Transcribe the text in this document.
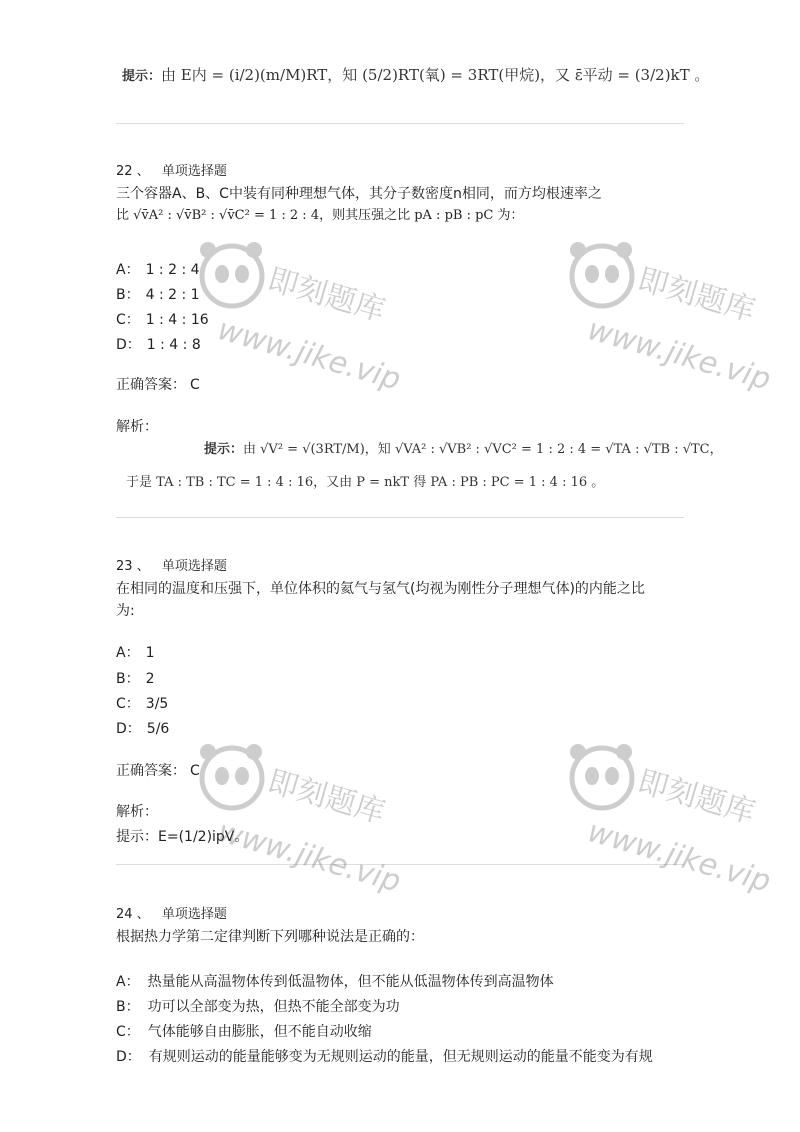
提示：由 E内 = (i/2)(m/M)RT，知 (5/2)RT(氧) = 3RT(甲烷)，又 ε̄平动 = (3/2)kT 。
22 、 单项选择题
三个容器A、B、C中装有同种理想气体，其分子数密度n相同，而方均根速率之
比 √v̄A² : √v̄B² : √v̄C² = 1 : 2 : 4，则其压强之比 pA : pB : pC 为：
A： 1 : 2 : 4
B： 4 : 2 : 1
C： 1 : 4 : 16
D： 1 : 4 : 8
正确答案： C
解析：
提示：由 √V² = √(3RT/M)，知 √VA² : √VB² : √VC² = 1 : 2 : 4 = √TA : √TB : √TC，
于是 TA : TB : TC = 1 : 4 : 16，又由 P = nkT 得 PA : PB : PC = 1 : 4 : 16 。
23 、 单项选择题
在相同的温度和压强下，单位体积的氦气与氢气(均视为刚性分子理想气体)的内能之比
为:
A： 1
B： 2
C： 3/5
D： 5/6
正确答案： C
解析：
提示：E=(1/2)ipV。
24 、 单项选择题
根据热力学第二定律判断下列哪种说法是正确的：
A： 热量能从高温物体传到低温物体，但不能从低温物体传到高温物体
B： 功可以全部变为热，但热不能全部变为功
C： 气体能够自由膨胀，但不能自动收缩
D： 有规则运动的能量能够变为无规则运动的能量，但无规则运动的能量不能变为有规
即刻题库
www.jike.vip
即刻题库
www.jike.vip
即刻题库
www.jike.vip
即刻题库
www.jike.vip
